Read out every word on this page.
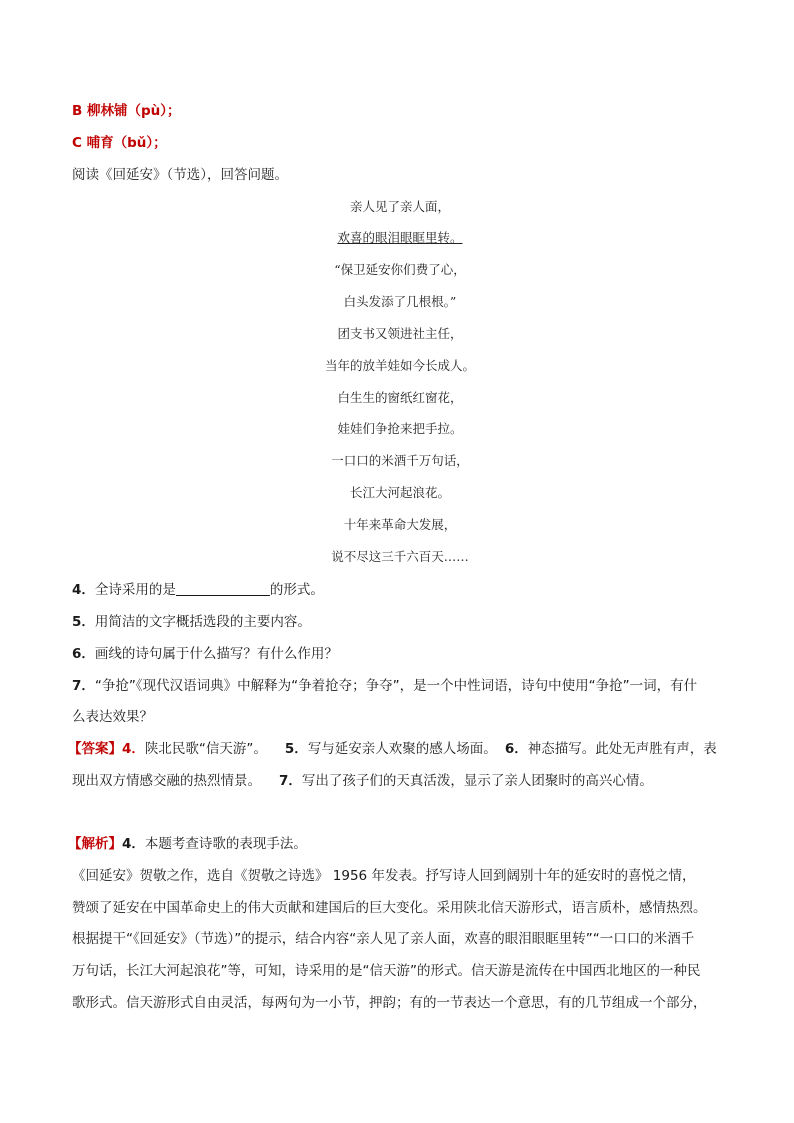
B 柳林铺（pù）；
C 哺育（bǔ）；
阅读《回延安》（节选），回答问题。
亲人见了亲人面，
欢喜的眼泪眼眶里转。
“保卫延安你们费了心，
白头发添了几根根。”
团支书又领进社主任，
当年的放羊娃如今长成人。
白生生的窗纸红窗花，
娃娃们争抢来把手拉。
一口口的米酒千万句话，
长江大河起浪花。
十年来革命大发展，
说不尽这三千六百天……
4．全诗采用的是	的形式。
5．用简洁的文字概括选段的主要内容。
6．画线的诗句属于什么描写？有什么作用？
7．“争抢”《现代汉语词典》中解释为“争着抢夺；争夺”，是一个中性词语，诗句中使用“争抢”一词，有什
么表达效果？
【答案】4．陕北民歌“信天游”。 5．写与延安亲人欢聚的感人场面。 6．神态描写。此处无声胜有声，表
现出双方情感交融的热烈情景。 7．写出了孩子们的天真活泼，显示了亲人团聚时的高兴心情。
【解析】4．本题考查诗歌的表现手法。
《回延安》贺敬之作，选自《贺敬之诗选》 1956 年发表。抒写诗人回到阔别十年的延安时的喜悦之情，
赞颂了延安在中国革命史上的伟大贡献和建国后的巨大变化。采用陕北信天游形式，语言质朴，感情热烈。
根据提干“《回延安》（节选）”的提示，结合内容“亲人见了亲人面，欢喜的眼泪眼眶里转”“一口口的米酒千
万句话，长江大河起浪花”等，可知，诗采用的是“信天游”的形式。信天游是流传在中国西北地区的一种民
歌形式。信天游形式自由灵活，每两句为一小节，押韵；有的一节表达一个意思，有的几节组成一个部分，
